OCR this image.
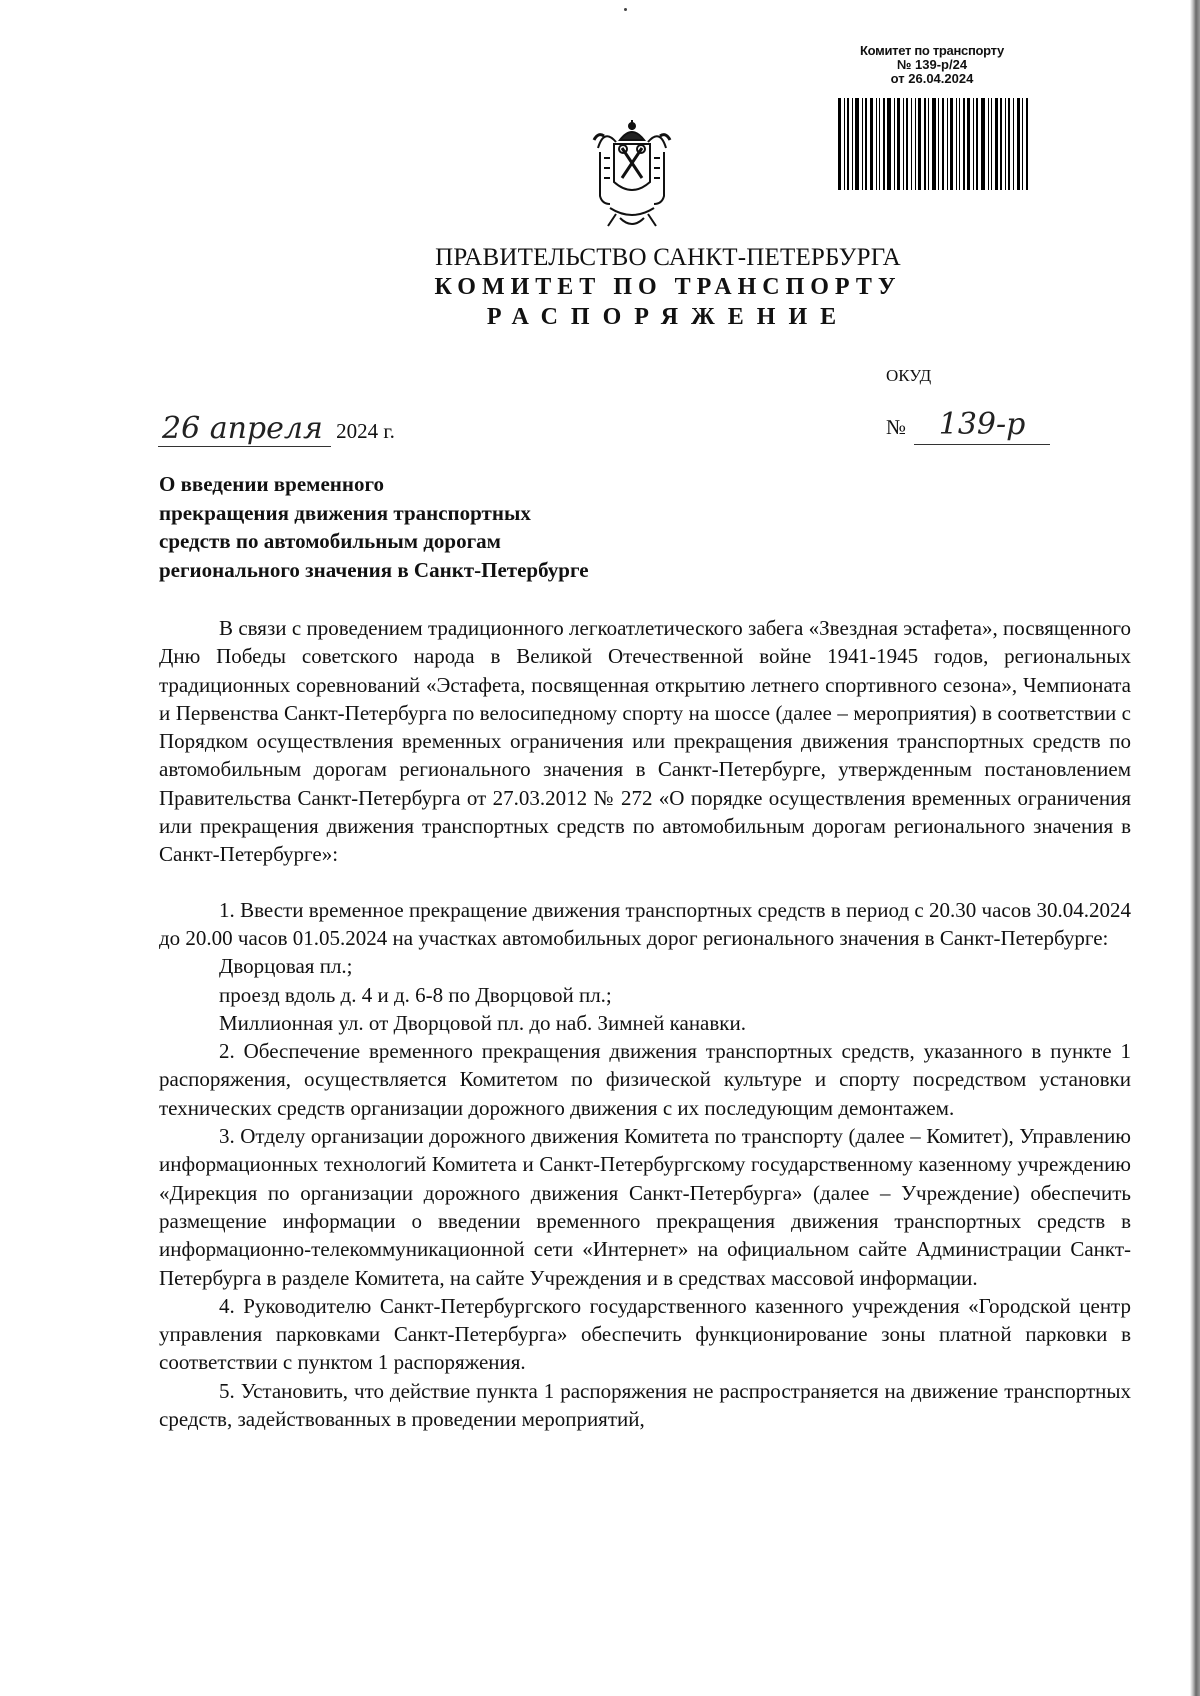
Комитет по транспорту
№ 139-р/24
от 26.04.2024
ПРАВИТЕЛЬСТВО САНКТ-ПЕТЕРБУРГА
КОМИТЕТ ПО ТРАНСПОРТУ
РАСПОРЯЖЕНИЕ
ОКУД
26 апреля 2024 г.	№ 139-р
О введении временного
прекращения движения транспортных
средств по автомобильным дорогам
регионального значения в Санкт-Петербурге

В связи с проведением традиционного легкоатлетического забега «Звездная эстафета», посвященного Дню Победы советского народа в Великой Отечественной войне 1941-1945 годов, региональных традиционных соревнований «Эстафета, посвященная открытию летнего спортивного сезона», Чемпионата и Первенства Санкт-Петербурга по велосипедному спорту на шоссе (далее – мероприятия) в соответствии с Порядком осуществления временных ограничения или прекращения движения транспортных средств по автомобильным дорогам регионального значения в Санкт-Петербурге, утвержденным постановлением Правительства Санкт-Петербурга от 27.03.2012 № 272 «О порядке осуществления временных ограничения или прекращения движения транспортных средств по автомобильным дорогам регионального значения в Санкт-Петербурге»:

1. Ввести временное прекращение движения транспортных средств в период с 20.30 часов 30.04.2024 до 20.00 часов 01.05.2024 на участках автомобильных дорог регионального значения в Санкт-Петербурге:

Дворцовая пл.;

проезд вдоль д. 4 и д. 6-8 по Дворцовой пл.;

Миллионная ул. от Дворцовой пл. до наб. Зимней канавки.

2. Обеспечение временного прекращения движения транспортных средств, указанного в пункте 1 распоряжения, осуществляется Комитетом по физической культуре и спорту посредством установки технических средств организации дорожного движения с их последующим демонтажем.

3. Отделу организации дорожного движения Комитета по транспорту (далее – Комитет), Управлению информационных технологий Комитета и Санкт-Петербургскому государственному казенному учреждению «Дирекция по организации дорожного движения Санкт-Петербурга» (далее – Учреждение) обеспечить размещение информации о введении временного прекращения движения транспортных средств в информационно-телекоммуникационной сети «Интернет» на официальном сайте Администрации Санкт-Петербурга в разделе Комитета, на сайте Учреждения и в средствах массовой информации.

4. Руководителю Санкт-Петербургского государственного казенного учреждения «Городской центр управления парковками Санкт-Петербурга» обеспечить функционирование зоны платной парковки в соответствии с пунктом 1 распоряжения.

5. Установить, что действие пункта 1 распоряжения не распространяется на движение транспортных средств, задействованных в проведении мероприятий,
